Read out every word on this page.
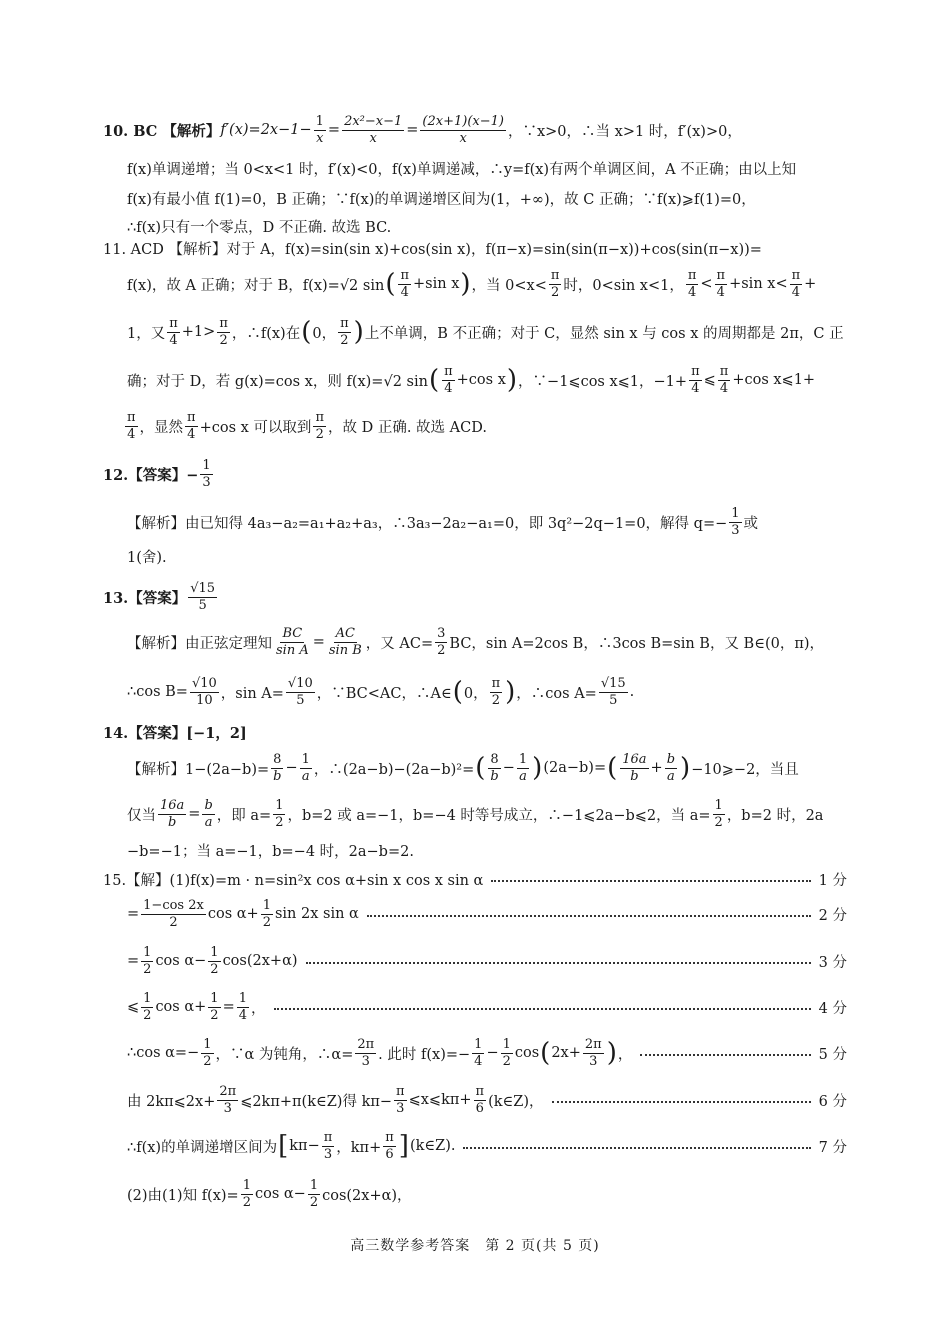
10. BC 【解析】 $f'(x)=2x-1- \frac{1}{x} = \frac{\text{2x²−x−1}}{x} = \frac{(2x+1)(x-1)}{x}$ ，∵x>0，∴当 x>1 时，f′(x)>0，
f(x)单调递增；当 0<x<1 时，f′(x)<0，f(x)单调递减，∴y=f(x)有两个单调区间，A 不正确；由以上知
f(x)有最小值 f(1)=0，B 正确；∵f(x)的单调递增区间为(1，+∞)，故 C 正确；∵f(x)⩾f(1)=0，
∴f(x)只有一个零点，D 不正确. 故选 BC.
11. ACD 【解析】对于 A，f(x)=sin(sin x)+cos(sin x)，f(π−x)=sin(sin(π−x))+cos(sin(π−x))=
f(x)，故 A 正确；对于 B，f(x)=√2 sin ( $\frac{\pi}{4} +\sin$ x ) ，当 $0<x< \frac{\pi}{2}$ 时，0<sin x<1， $\frac{\pi}{4} < \frac{\pi}{4} +\sin$ $x< \frac{\pi}{4}$ +
1，又 $\frac{\pi}{4} +1> \frac{\pi}{2}$ ，∴f(x)在 ( 0， $\frac{\pi}{2}$ ) 上不单调，B 不正确；对于 C，显然 sin x 与 cos x 的周期都是 2π，C 正
确；对于 D，若 g(x)=cos x，则 f(x)=√2 sin ( $\frac{\pi}{4} +\cos$ x ) ，∵−1⩽cos x⩽1，$-1+ \frac{\pi}{4}$ ⩽ $\frac{\pi}{4} +\cos$ x⩽1+
$\frac{\pi}{4}$ ，显然 $\frac{\pi}{4} +\cos$ x 可以取到 $\frac{\pi}{2}$ ，故 D 正确. 故选 ACD.
12.【答案】− $\frac{1}{3}$
【解析】由已知得 4a₃−a₂=a₁+a₂+a₃，∴3a₃−2a₂−a₁=0，即 3q²−2q−1=0，解得 $q=- \frac{1}{3}$ 或
1(舍).
13.【答案】 $\frac{√15}{5}$
【解析】由正弦定理知 $\frac{BC}{\text{sin A}} = \frac{AC}{\text{sin B}}$ ，又 $AC= \frac{3}{2}$ BC，sin A=2cos B，∴3cos B=sin B，又 B∈(0，π)，
∴cos $B= \frac{√10}{10}$ ，$\sin A= \frac{√10}{5}$ ，∵BC<AC，∴A∈ ( 0， $\frac{\pi}{2}$ ) ，∴cos $A= \frac{√15}{5}$ .
14.【答案】[−1，2]
【解析】$1-(2a-b)= \frac{8}{b} - \frac{1}{a}$ ，∴(2a−b)−(2a−b)²= ( $\frac{8}{b} - \frac{1}{a}$ ) (2a−b)= ( $\frac{16a}{b} + \frac{b}{a}$ ) −10⩾−2，当且
仅当 $\frac{16a}{b} = \frac{b}{a}$ ，即 $a= \frac{1}{2}$ ，b=2 或 a=−1，b=−4 时等号成立，∴−1⩽2a−b⩽2，当 $a= \frac{1}{2}$ ，b=2 时，2a
−b=−1；当 a=−1，b=−4 时，2a−b=2.
15.【解】(1)f(x)=m · n=sin²x cos α+sin x cos x sin α	1 分
= $\frac{1-\cos 2x}{2}$ $\cos \alpha+ \frac{1}{2}$ sin 2x sin α	2 分
= $\frac{1}{2}$ $\cos \alpha- \frac{1}{2} \cos(2x+\alpha)$	3 分
⩽ $\frac{1}{2}$ $\cos \alpha+ \frac{1}{2} = \frac{1}{4}$ ，	4 分
∴cos $\alpha=- \frac{1}{2}$ ，∵α 为钝角，∴α= $\frac{2\pi}{3}$ . 此时 $f(x)=- \frac{1}{4} - \frac{1}{2}$ cos ( $2x+ \frac{2\pi}{3}$ ) ，	5 分
由 2kπ⩽2x+ $\frac{2\pi}{3}$ ⩽2kπ+π(k∈Z)得 $k\pi- \frac{\pi}{3}$ ⩽x⩽kπ+ $\frac{\pi}{6}$ (k∈Z)，	6 分
∴f(x)的单调递增区间为 [ $k\pi- \frac{\pi}{3}$ ，$k\pi+ \frac{\pi}{6}$ ] (k∈Z).	7 分
(2)由(1)知 $f(x)= \frac{1}{2}$ $\cos \alpha- \frac{1}{2} \cos(2x+\alpha)$，
高三数学参考答案　第 2 页(共 5 页)
